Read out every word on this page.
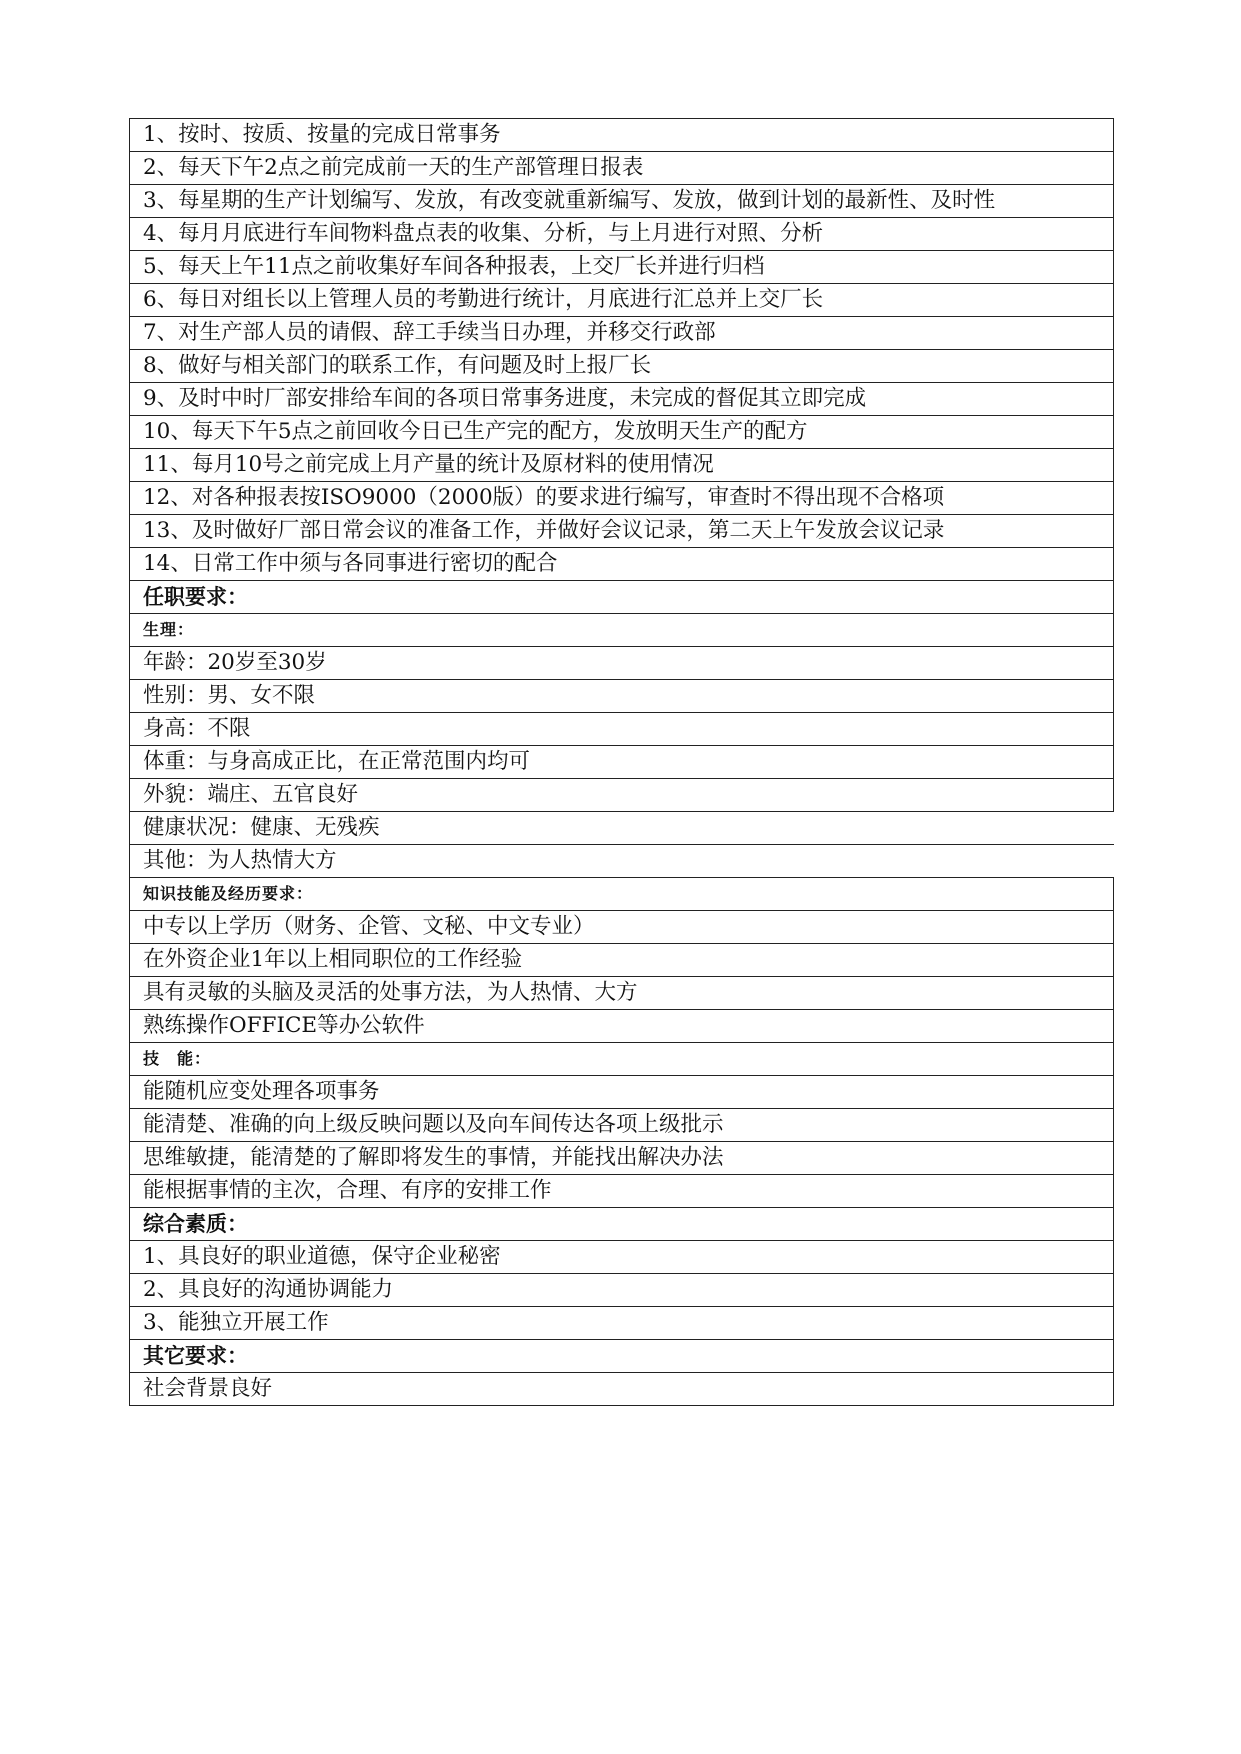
1、按时、按质、按量的完成日常事务
2、每天下午2点之前完成前一天的生产部管理日报表
3、每星期的生产计划编写、发放，有改变就重新编写、发放，做到计划的最新性、及时性
4、每月月底进行车间物料盘点表的收集、分析，与上月进行对照、分析
5、每天上午11点之前收集好车间各种报表，上交厂长并进行归档
6、每日对组长以上管理人员的考勤进行统计，月底进行汇总并上交厂长
7、对生产部人员的请假、辞工手续当日办理，并移交行政部
8、做好与相关部门的联系工作，有问题及时上报厂长
9、及时中时厂部安排给车间的各项日常事务进度，未完成的督促其立即完成
10、每天下午5点之前回收今日已生产完的配方，发放明天生产的配方
11、每月10号之前完成上月产量的统计及原材料的使用情况
12、对各种报表按ISO9000（2000版）的要求进行编写，审查时不得出现不合格项
13、及时做好厂部日常会议的准备工作，并做好会议记录，第二天上午发放会议记录
14、日常工作中须与各同事进行密切的配合
任职要求：
生理：
年龄：20岁至30岁
性别：男、女不限
身高：不限
体重：与身高成正比，在正常范围内均可
外貌：端庄、五官良好
健康状况：健康、无残疾
其他：为人热情大方
知识技能及经历要求：
中专以上学历（财务、企管、文秘、中文专业）
在外资企业1年以上相同职位的工作经验
具有灵敏的头脑及灵活的处事方法，为人热情、大方
熟练操作OFFICE等办公软件
技　能：
能随机应变处理各项事务
能清楚、准确的向上级反映问题以及向车间传达各项上级批示
思维敏捷，能清楚的了解即将发生的事情，并能找出解决办法
能根据事情的主次，合理、有序的安排工作
综合素质：
1、具良好的职业道德，保守企业秘密
2、具良好的沟通协调能力
3、能独立开展工作
其它要求：
社会背景良好
